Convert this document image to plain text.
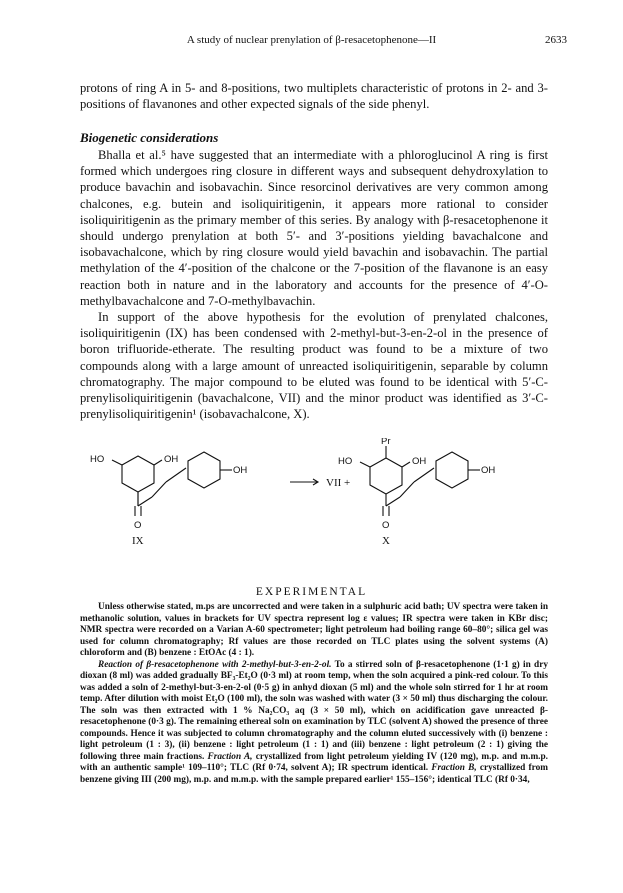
A study of nuclear prenylation of β-resacetophenone—II	2633

protons of ring A in 5- and 8-positions, two multiplets characteristic of protons in 2- and 3-positions of flavanones and other expected signals of the side phenyl.

Biogenetic considerations

Bhalla et al.⁵ have suggested that an intermediate with a phloroglucinol A ring is first formed which undergoes ring closure in different ways and subsequent dehydroxylation to produce bavachin and isobavachin. Since resorcinol derivatives are very common among chalcones, e.g. butein and isoliquiritigenin, it appears more rational to consider isoliquiritigenin as the primary member of this series. By analogy with β-resacetophenone it should undergo prenylation at both 5′- and 3′-positions yielding bavachalcone and isobavachalcone, which by ring closure would yield bavachin and isobavachin. The partial methylation of the 4′-position of the chalcone or the 7-position of the flavanone is an easy reaction both in nature and in the laboratory and accounts for the presence of 4′-O-methylbavachalcone and 7-O-methylbavachin.

In support of the above hypothesis for the evolution of prenylated chalcones, isoliquiritigenin (IX) has been condensed with 2-methyl-but-3-en-2-ol in the presence of boron trifluoride-etherate. The resulting product was found to be a mixture of two compounds along with a large amount of unreacted isoliquiritigenin, separable by column chromatography. The major compound to be eluted was found to be identical with 5′-C-prenylisoliquiritigenin (bavachalcone, VII) and the minor product was identified as 3′-C-prenylisoliquiritigenin¹ (isobavachalcone, X).

HO	OH
OH
O
Pr
HO	OH
OH
O
IX
VII +
X
EXPERIMENTAL

Unless otherwise stated, m.ps are uncorrected and were taken in a sulphuric acid bath; UV spectra were taken in methanolic solution, values in brackets for UV spectra represent log ε values; IR spectra were taken in KBr disc; NMR spectra were recorded on a Varian A-60 spectrometer; light petroleum had boiling range 60–80°; silica gel was used for column chromatography; Rf values are those recorded on TLC plates using the solvent systems (A) chloroform and (B) benzene : EtOAc (4 : 1).

Reaction of β-resacetophenone with 2-methyl-but-3-en-2-ol. To a stirred soln of β-resacetophenone (1·1 g) in dry dioxan (8 ml) was added gradually BF₃-Et₂O (0·3 ml) at room temp, when the soln acquired a pink-red colour. To this was added a soln of 2-methyl-but-3-en-2-ol (0·5 g) in anhyd dioxan (5 ml) and the whole soln stirred for 1 hr at room temp. After dilution with moist Et₂O (100 ml), the soln was washed with water (3 × 50 ml) thus discharging the colour. The soln was then extracted with 1 % Na₂CO₃ aq (3 × 50 ml), which on acidification gave unreacted β-resacetophenone (0·3 g). The remaining ethereal soln on examination by TLC (solvent A) showed the presence of three compounds. Hence it was subjected to column chromatography and the column eluted successively with (i) benzene : light petroleum (1 : 3), (ii) benzene : light petroleum (1 : 1) and (iii) benzene : light petroleum (2 : 1) giving the following three main fractions. Fraction A, crystallized from light petroleum yielding IV (120 mg), m.p. and m.m.p. with an authentic sample¹ 109–110°; TLC (Rf 0·74, solvent A); IR spectrum identical. Fraction B, crystallized from benzene giving III (200 mg), m.p. and m.m.p. with the sample prepared earlier¹ 155–156°; identical TLC (Rf 0·34,
